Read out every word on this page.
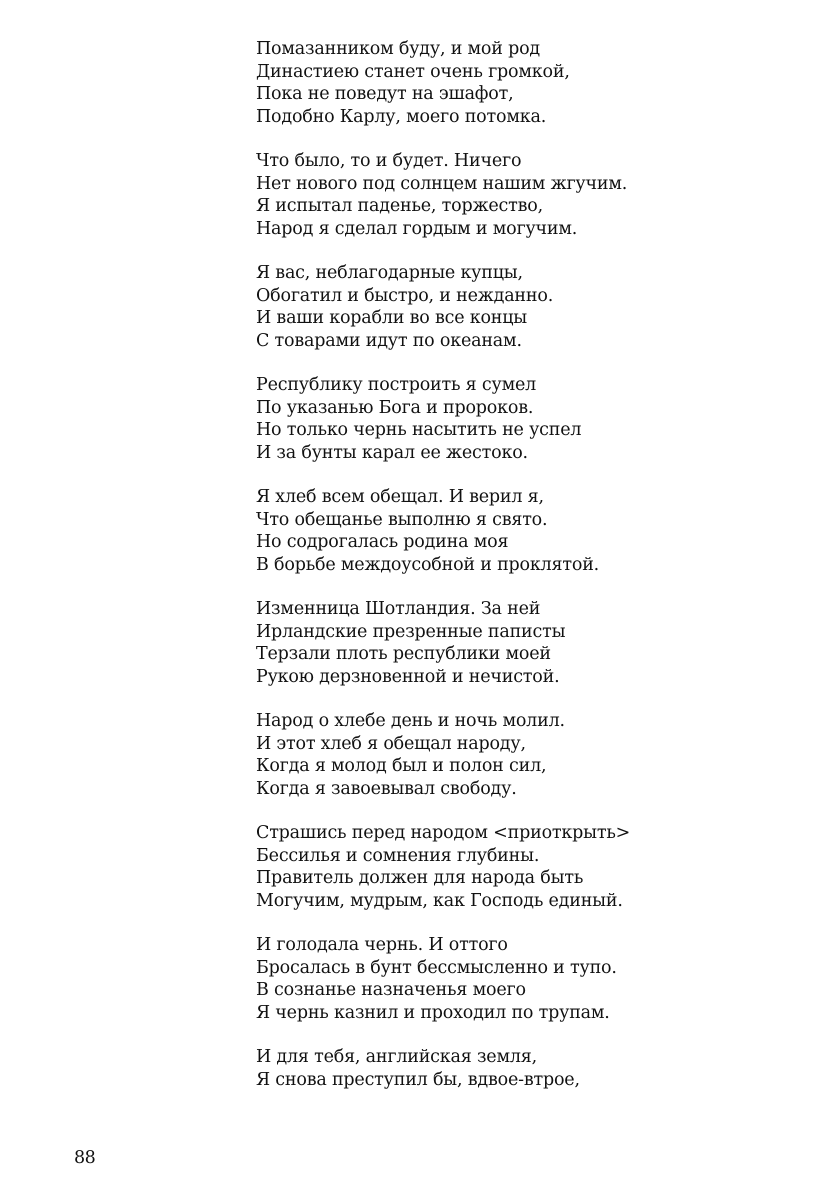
Помазанником буду, и мой род
Династиею станет очень громкой,
Пока не поведут на эшафот,
Подобно Карлу, моего потомка.
Что было, то и будет. Ничего
Нет нового под солнцем нашим жгучим.
Я испытал паденье, торжество,
Народ я сделал гордым и могучим.
Я вас, неблагодарные купцы,
Обогатил и быстро, и нежданно.
И ваши корабли во все концы
С товарами идут по океанам.
Республику построить я сумел
По указанью Бога и пророков.
Но только чернь насытить не успел
И за бунты карал ее жестоко.
Я хлеб всем обещал. И верил я,
Что обещанье выполню я свято.
Но содрогалась родина моя
В борьбе междоусобной и проклятой.
Изменница Шотландия. За ней
Ирландские презренные паписты
Терзали плоть республики моей
Рукою дерзновенной и нечистой.
Народ о хлебе день и ночь молил.
И этот хлеб я обещал народу,
Когда я молод был и полон сил,
Когда я завоевывал свободу.
Страшись перед народом <приоткрыть>
Бессилья и сомнения глубины.
Правитель должен для народа быть
Могучим, мудрым, как Господь единый.
И голодала чернь. И оттого
Бросалась в бунт бессмысленно и тупо.
В сознанье назначенья моего
Я чернь казнил и проходил по трупам.
И для тебя, английская земля,
Я снова преступил бы, вдвое-втрое,
88
